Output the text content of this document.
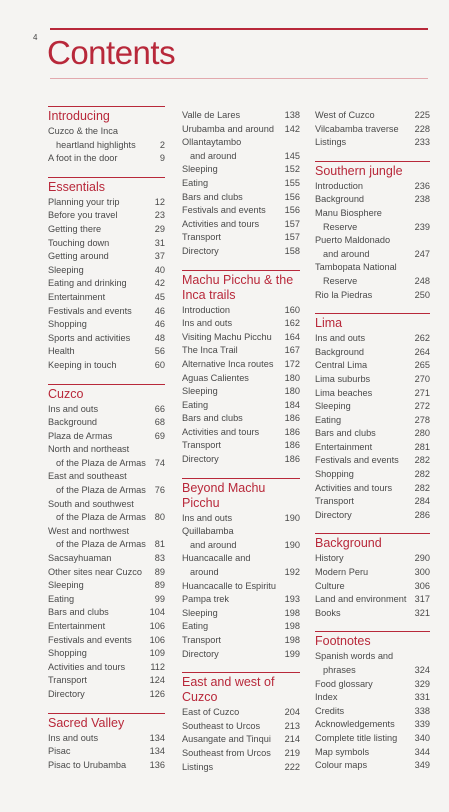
4 Contents
Introducing
Cuzco & the Inca
heartland highlights	2
A foot in the door	9
Essentials
Planning your trip	12
Before you travel	23
Getting there	29
Touching down	31
Getting around	37
Sleeping	40
Eating and drinking	42
Entertainment	45
Festivals and events	46
Shopping	46
Sports and activities	48
Health	56
Keeping in touch	60
Cuzco
Ins and outs	66
Background	68
Plaza de Armas	69
North and northeast
of the Plaza de Armas 74
East and southeast
of the Plaza de Armas 76
South and southwest
of the Plaza de Armas 80
West and northwest
of the Plaza de Armas 81
Sacsayhuaman	83
Other sites near Cuzco	89
Sleeping	89
Eating	99
Bars and clubs	104
Entertainment	106
Festivals and events	106
Shopping	109
Activities and tours	112
Transport	124
Directory	126
Sacred Valley
Ins and outs	134
Pisac	134
Pisac to Urubamba	136
Valle de Lares	138
Urubamba and around	142
Ollantaytambo
and around	145
Sleeping	152
Eating	155
Bars and clubs	156
Festivals and events	156
Activities and tours	157
Transport	157
Directory	158
Machu Picchu & the Inca trails
Introduction	160
Ins and outs	162
Visiting Machu Picchu	164
The Inca Trail	167
Alternative Inca routes	172
Aguas Calientes	180
Sleeping	180
Eating	184
Bars and clubs	186
Activities and tours	186
Transport	186
Directory	186
Beyond Machu Picchu
Ins and outs	190
Quillabamba
and around	190
Huancacalle and
around	192
Huancacalle to Espiritu
Pampa trek	193
Sleeping	198
Eating	198
Transport	198
Directory	199
East and west of Cuzco
East of Cuzco	204
Southeast to Urcos	213
Ausangate and Tinqui	214
Southeast from Urcos	219
Listings	222
West of Cuzco	225
Vilcabamba traverse	228
Listings	233
Southern jungle
Introduction	236
Background	238
Manu Biosphere
Reserve	239
Puerto Maldonado
and around	247
Tambopata National
Reserve	248
Rio la Piedras	250
Lima
Ins and outs	262
Background	264
Central Lima	265
Lima suburbs	270
Lima beaches	271
Sleeping	272
Eating	278
Bars and clubs	280
Entertainment	281
Festivals and events	282
Shopping	282
Activities and tours	282
Transport	284
Directory	286
Background
History	290
Modern Peru	300
Culture	306
Land and environment 317
Books	321
Footnotes
Spanish words and
phrases	324
Food glossary	329
Index	331
Credits	338
Acknowledgements	339
Complete title listing	340
Map symbols	344
Colour maps	349
